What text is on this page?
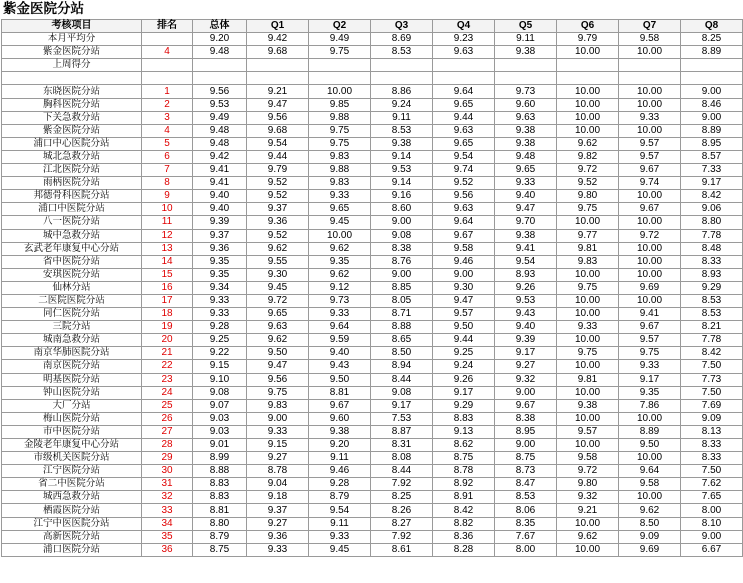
紫金医院分站
考核项目	排名	总体	Q1	Q2	Q3	Q4	Q5	Q6	Q7	Q8
本月平均分		9.20	9.42	9.49	8.69	9.23	9.11	9.79	9.58	8.25
紫金医院分站	4	9.48	9.68	9.75	8.53	9.63	9.38	10.00	10.00	8.89
上周得分										

东晓医院分站	1	9.56	9.21	10.00	8.86	9.64	9.73	10.00	10.00	9.00
胸科医院分站	2	9.53	9.47	9.85	9.24	9.65	9.60	10.00	10.00	8.46
下关急救分站	3	9.49	9.56	9.88	9.11	9.44	9.63	10.00	9.33	9.00
紫金医院分站	4	9.48	9.68	9.75	8.53	9.63	9.38	10.00	10.00	8.89
浦口中心医院分站	5	9.48	9.54	9.75	9.38	9.65	9.38	9.62	9.57	8.95
城北急救分站	6	9.42	9.44	9.83	9.14	9.54	9.48	9.82	9.57	8.57
江北医院分站	7	9.41	9.79	9.88	9.53	9.74	9.65	9.72	9.67	7.33
雨柄医院分站	8	9.41	9.52	9.83	9.14	9.52	9.33	9.52	9.74	9.17
邦德骨科医院分站	9	9.40	9.52	9.33	9.16	9.56	9.40	9.80	10.00	8.42
浦口中医院分站	10	9.40	9.37	9.65	8.60	9.63	9.47	9.75	9.67	9.06
八一医院分站	11	9.39	9.36	9.45	9.00	9.64	9.70	10.00	10.00	8.80
城中急救分站	12	9.37	9.52	10.00	9.08	9.67	9.38	9.77	9.72	7.78
玄武老年康复中心分站	13	9.36	9.62	9.62	8.38	9.58	9.41	9.81	10.00	8.48
省中医院分站	14	9.35	9.55	9.35	8.76	9.46	9.54	9.83	10.00	8.33
安琪医院分站	15	9.35	9.30	9.62	9.00	9.00	8.93	10.00	10.00	8.93
仙林分站	16	9.34	9.45	9.12	8.85	9.30	9.26	9.75	9.69	9.29
二医院医院分站	17	9.33	9.72	9.73	8.05	9.47	9.53	10.00	10.00	8.53
同仁医院分站	18	9.33	9.65	9.33	8.71	9.57	9.43	10.00	9.41	8.53
三院分站	19	9.28	9.63	9.64	8.88	9.50	9.40	9.33	9.67	8.21
城南急救分站	20	9.25	9.62	9.59	8.65	9.44	9.39	10.00	9.57	7.78
南京华肺医院分站	21	9.22	9.50	9.40	8.50	9.25	9.17	9.75	9.75	8.42
南京医院分站	22	9.15	9.47	9.43	8.94	9.24	9.27	10.00	9.33	7.50
明基医院分站	23	9.10	9.56	9.50	8.44	9.26	9.32	9.81	9.17	7.73
钟山医院分站	24	9.08	9.75	8.81	9.08	9.17	9.00	10.00	9.35	7.50
大厂分站	25	9.07	9.83	9.67	9.17	9.29	9.67	9.38	7.86	7.69
梅山医院分站	26	9.03	9.00	9.60	7.53	8.83	8.38	10.00	10.00	9.09
市中医院分站	27	9.03	9.33	9.38	8.87	9.13	8.95	9.57	8.89	8.13
金陵老年康复中心分站	28	9.01	9.15	9.20	8.31	8.62	9.00	10.00	9.50	8.33
市级机关医院分站	29	8.99	9.27	9.11	8.08	8.75	8.75	9.58	10.00	8.33
江宁医院分站	30	8.88	8.78	9.46	8.44	8.78	8.73	9.72	9.64	7.50
省二中医院分站	31	8.83	9.04	9.28	7.92	8.92	8.47	9.80	9.58	7.62
城西急救分站	32	8.83	9.18	8.79	8.25	8.91	8.53	9.32	10.00	7.65
栖霞医院分站	33	8.81	9.37	9.54	8.26	8.42	8.06	9.21	9.62	8.00
江宁中医医院分站	34	8.80	9.27	9.11	8.27	8.82	8.35	10.00	8.50	8.10
高新医院分站	35	8.79	9.36	9.33	7.92	8.36	7.67	9.62	9.09	9.00
浦口医院分站	36	8.75	9.33	9.45	8.61	8.28	8.00	10.00	9.69	6.67
